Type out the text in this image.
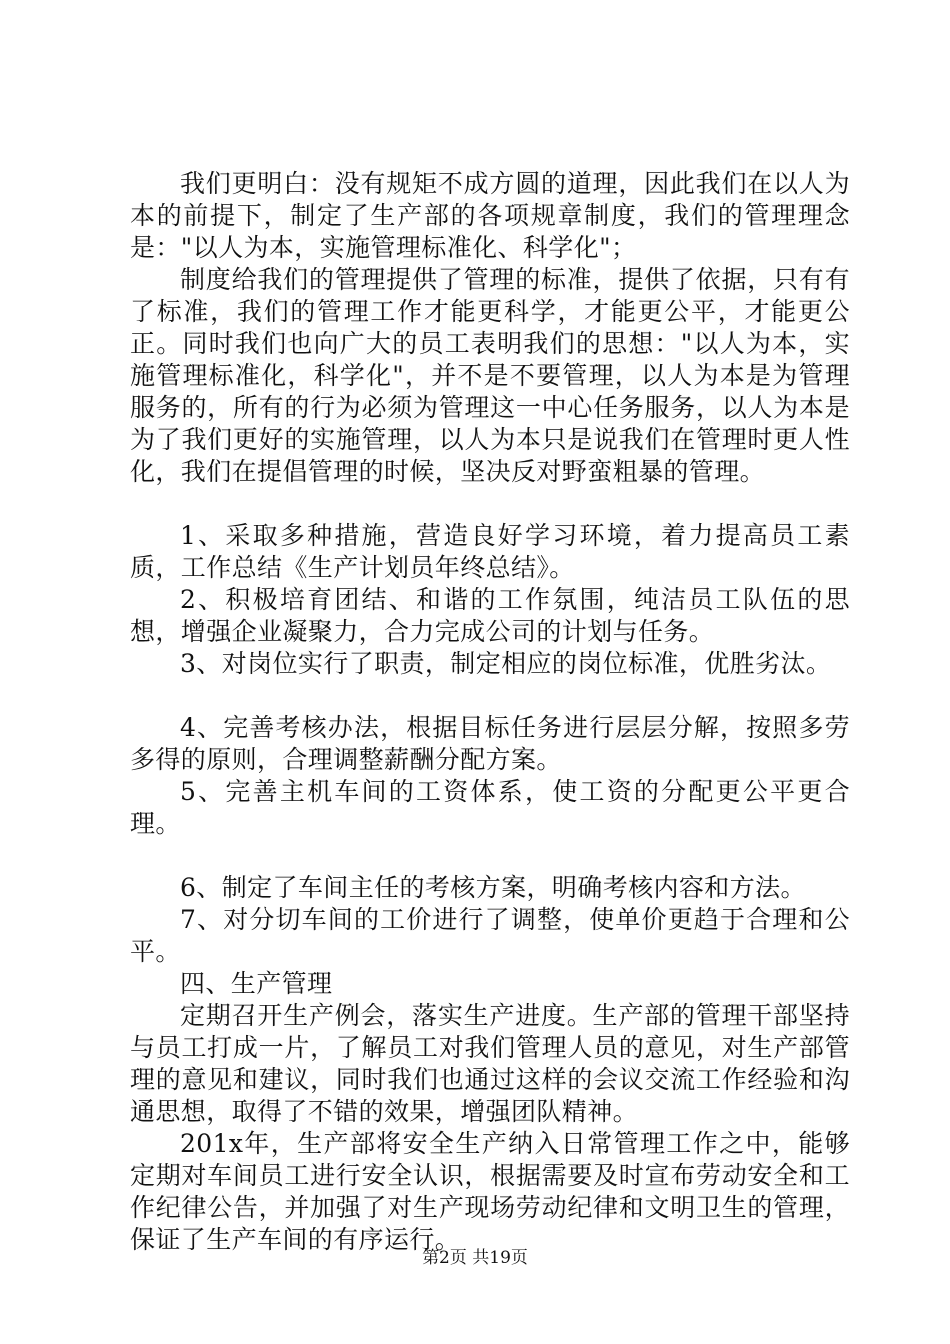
我们更明白：没有规矩不成方圆的道理，因此我们在以人为本的前提下，制定了生产部的各项规章制度，我们的管理理念是："以人为本，实施管理标准化、科学化"；

制度给我们的管理提供了管理的标准，提供了依据，只有有了标准，我们的管理工作才能更科学，才能更公平，才能更公正。同时我们也向广大的员工表明我们的思想："以人为本，实施管理标准化，科学化"，并不是不要管理，以人为本是为管理服务的，所有的行为必须为管理这一中心任务服务，以人为本是为了我们更好的实施管理，以人为本只是说我们在管理时更人性化，我们在提倡管理的时候，坚决反对野蛮粗暴的管理。

1、采取多种措施，营造良好学习环境，着力提高员工素质，工作总结《生产计划员年终总结》。

2、积极培育团结、和谐的工作氛围，纯洁员工队伍的思想，增强企业凝聚力，合力完成公司的计划与任务。

3、对岗位实行了职责，制定相应的岗位标准，优胜劣汰。

4、完善考核办法，根据目标任务进行层层分解，按照多劳多得的原则，合理调整薪酬分配方案。

5、完善主机车间的工资体系，使工资的分配更公平更合理。

6、制定了车间主任的考核方案，明确考核内容和方法。

7、对分切车间的工价进行了调整，使单价更趋于合理和公平。

四、生产管理

定期召开生产例会，落实生产进度。生产部的管理干部坚持与员工打成一片，了解员工对我们管理人员的意见，对生产部管理的意见和建议，同时我们也通过这样的会议交流工作经验和沟通思想，取得了不错的效果，增强团队精神。

201x年，生产部将安全生产纳入日常管理工作之中，能够定期对车间员工进行安全认识，根据需要及时宣布劳动安全和工作纪律公告，并加强了对生产现场劳动纪律和文明卫生的管理，保证了生产车间的有序运行。

第2页 共19页
